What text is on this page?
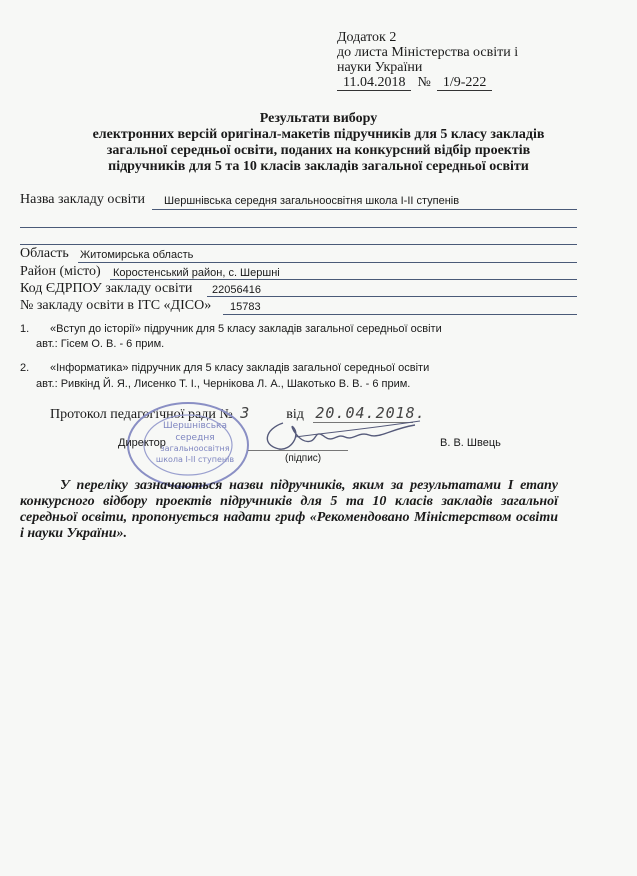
Додаток 2
до листа Міністерства освіти і
науки України
11.04.2018 № 1/9-222
Результати вибору
електронних версій оригінал-макетів підручників для 5 класу закладів
загальної середньої освіти, поданих на конкурсний відбір проектів
підручників для 5 та 10 класів закладів загальної середньої освіти
Назва закладу освіти Шершнівська середня загальноосвітня школа І-ІІ ступенів
Область Житомирська область
Район (місто) Коростенський район, с. Шершні
Код ЄДРПОУ закладу освіти 22056416
№ закладу освіти в ІТС «ДІСО» 15783
1. «Вступ до історії» підручник для 5 класу закладів загальної середньої освіти
авт.: Гісем О. В. - 6 прим.
2. «Інформатика» підручник для 5 класу закладів загальної середньої освіти
авт.: Ривкінд Й. Я., Лисенко Т. І., Чернікова Л. А., Шакотько В. В. - 6 прим.
Протокол педагогічної ради № 3	від 20.04.2018.
Шершнівська
середня
загальноосвітня
школа І-ІІ ступенів
Директор
(підпис)
В. В. Швець
У переліку зазначаються назви підручників, яким за результатами I етапу конкурсного відбору проектів підручників для 5 та 10 класів закладів загальної середньої освіти, пропонується надати гриф «Рекомендовано Міністерством освіти і науки України».
